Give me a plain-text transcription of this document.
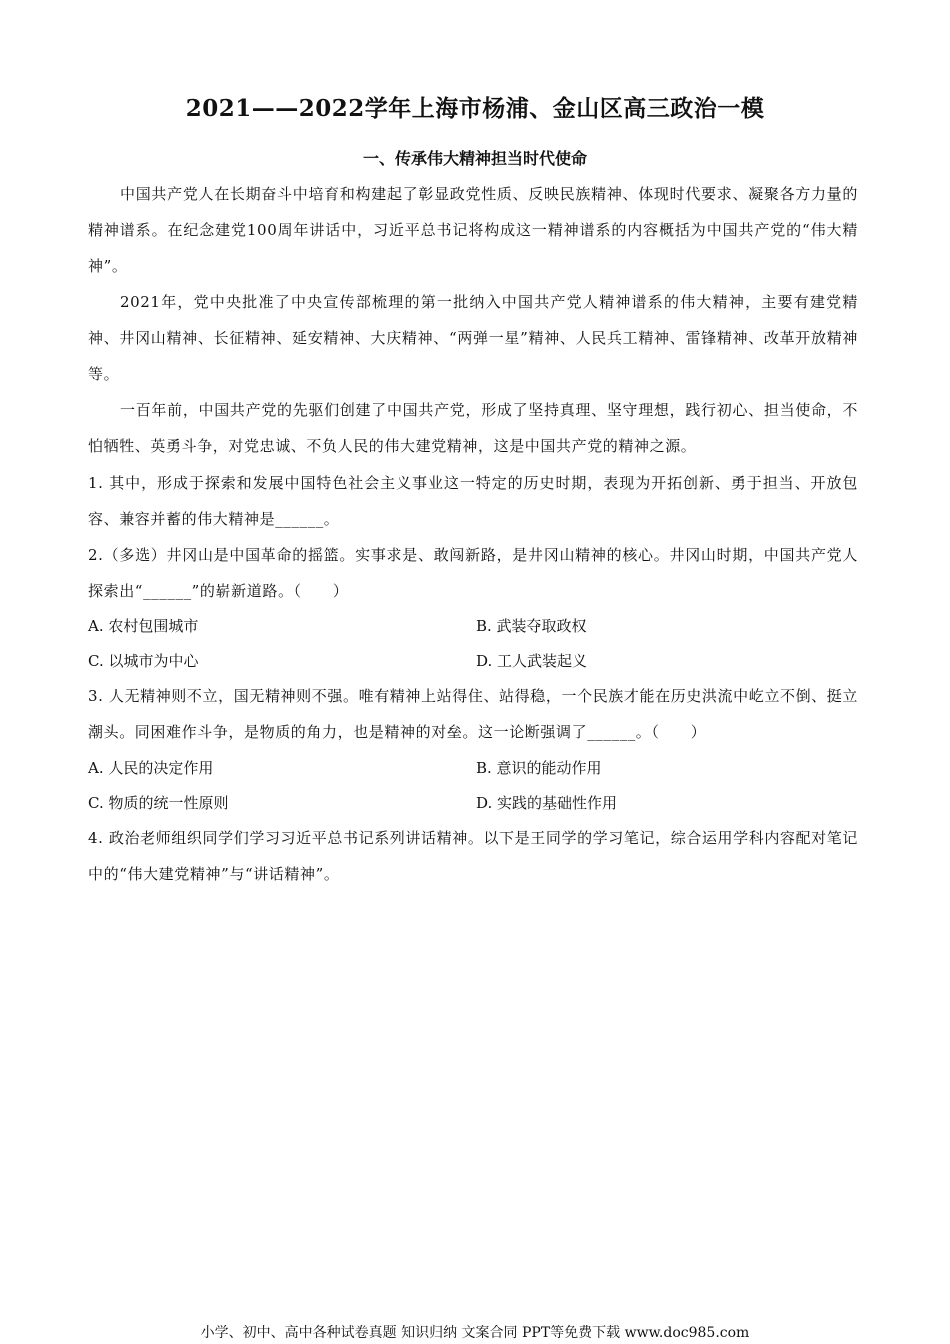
2021——2022学年上海市杨浦、金山区高三政治一模
一、传承伟大精神担当时代使命
中国共产党人在长期奋斗中培育和构建起了彰显政党性质、反映民族精神、体现时代要求、凝聚各方力量的精神谱系。在纪念建党100周年讲话中，习近平总书记将构成这一精神谱系的内容概括为中国共产党的“伟大精神”。
2021年，党中央批准了中央宣传部梳理的第一批纳入中国共产党人精神谱系的伟大精神，主要有建党精神、井冈山精神、长征精神、延安精神、大庆精神、“两弹一星”精神、人民兵工精神、雷锋精神、改革开放精神等。
一百年前，中国共产党的先驱们创建了中国共产党，形成了坚持真理、坚守理想，践行初心、担当使命，不怕牺牲、英勇斗争，对党忠诚、不负人民的伟大建党精神，这是中国共产党的精神之源。
1. 其中，形成于探索和发展中国特色社会主义事业这一特定的历史时期，表现为开拓创新、勇于担当、开放包容、兼容并蓄的伟大精神是______。
2.（多选）井冈山是中国革命的摇篮。实事求是、敢闯新路，是井冈山精神的核心。井冈山时期，中国共产党人探索出“______”的崭新道路。（　　）
A. 农村包围城市	B. 武装夺取政权
C. 以城市为中心	D. 工人武装起义
3. 人无精神则不立，国无精神则不强。唯有精神上站得住、站得稳，一个民族才能在历史洪流中屹立不倒、挺立潮头。同困难作斗争，是物质的角力，也是精神的对垒。这一论断强调了______。（　　）
A. 人民的决定作用	B. 意识的能动作用
C. 物质的统一性原则	D. 实践的基础性作用
4. 政治老师组织同学们学习习近平总书记系列讲话精神。以下是王同学的学习笔记，综合运用学科内容配对笔记中的“伟大建党精神”与“讲话精神”。
小学、初中、高中各种试卷真题 知识归纳 文案合同 PPT等免费下载 www.doc985.com
